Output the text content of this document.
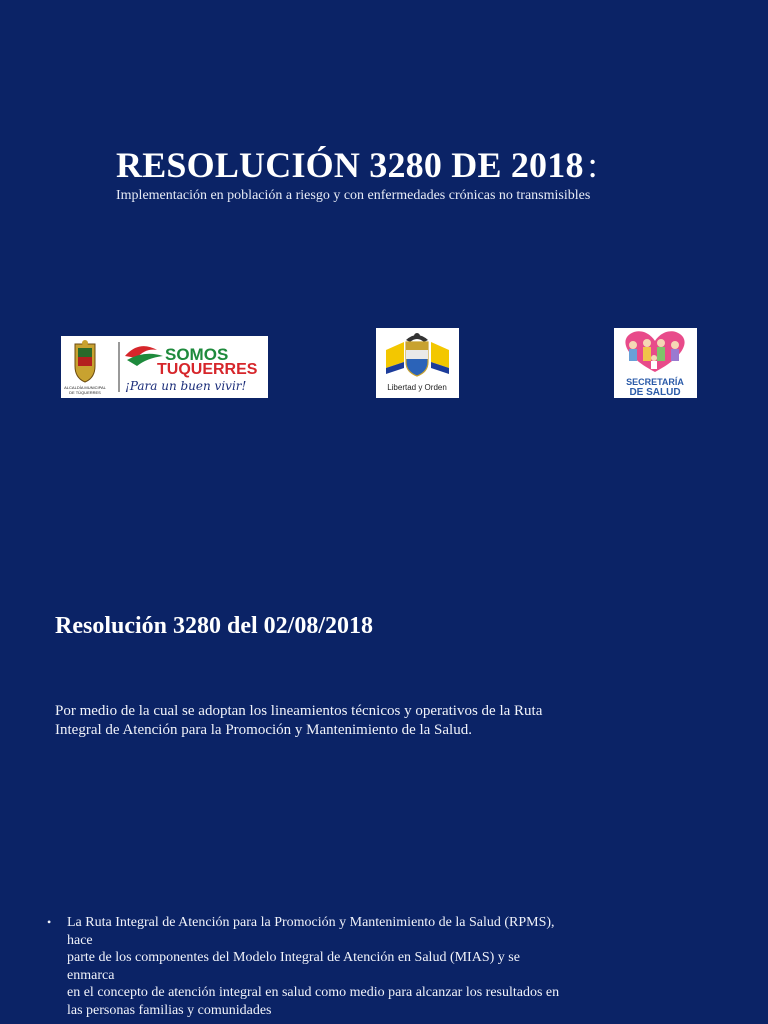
RESOLUCIÓN 3280 DE 2018 :
Implementación en población a riesgo y con enfermedades crónicas no transmisibles
ALCALDÍA MUNICIPAL
DE TÚQUERRES
SOMOS
TUQUERRES
¡Para un buen vivir!	Libertad y Orden
SECRETARÍA
DE SALUD
Resolución 3280 del 02/08/2018
Por medio de la cual se adoptan los lineamientos técnicos y operativos de la Ruta
Integral de Atención para la Promoción y Mantenimiento de la Salud.
• La Ruta Integral de Atención para la Promoción y Mantenimiento de la Salud (RPMS),
hace
parte de los componentes del Modelo Integral de Atención en Salud (MIAS) y se
enmarca
en el concepto de atención integral en salud como medio para alcanzar los resultados en
las personas familias y comunidades
